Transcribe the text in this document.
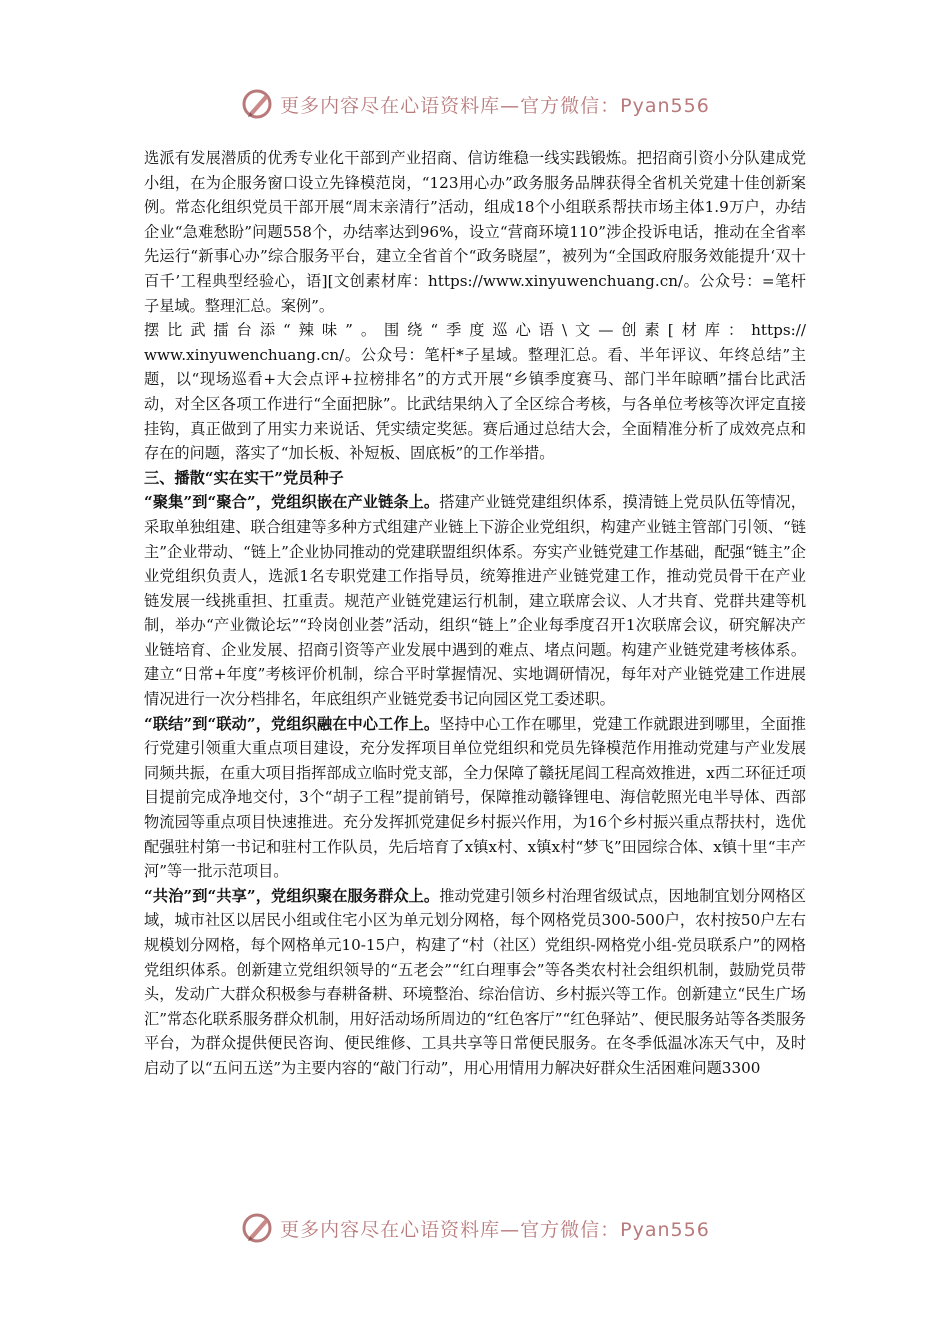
更多内容尽在心语资料库—官方微信：Pyan556

选派有发展潜质的优秀专业化干部到产业招商、信访维稳一线实践锻炼。把招商引资小分队建成党小组，在为企服务窗口设立先锋模范岗，“123用心办”政务服务品牌获得全省机关党建十佳创新案例。常态化组织党员干部开展“周末亲清行”活动，组成18个小组联系帮扶市场主体1.9万户，办结企业“急难愁盼”问题558个，办结率达到96%，设立“营商环境110”涉企投诉电话，推动在全省率先运行“新事心办”综合服务平台，建立全省首个“政务晓屋”，被列为“全国政府服务效能提升‘双十百千’工程典型经验心，语][文创素材库：https://www.xinyuwenchuang.cn/。公众号：=笔杆子星域。整理汇总。案例”。

摆比武擂台添“辣味”。围绕“季度巡心语\文—创素[材库：https://

www.xinyuwenchuang.cn/。公众号：笔杆*子星域。整理汇总。看、半年评议、年终总结”主题，以“现场巡看+大会点评+拉榜排名”的方式开展“乡镇季度赛马、部门半年晾晒”擂台比武活动，对全区各项工作进行“全面把脉”。比武结果纳入了全区综合考核，与各单位考核等次评定直接挂钩，真正做到了用实力来说话、凭实绩定奖惩。赛后通过总结大会，全面精准分析了成效亮点和存在的问题，落实了“加长板、补短板、固底板”的工作举措。

三、播散“实在实干”党员种子

“聚集”到“聚合”，党组织嵌在产业链条上。搭建产业链党建组织体系，摸清链上党员队伍等情况，采取单独组建、联合组建等多种方式组建产业链上下游企业党组织，构建产业链主管部门引领、“链主”企业带动、“链上”企业协同推动的党建联盟组织体系。夯实产业链党建工作基础，配强“链主”企业党组织负责人，选派1名专职党建工作指导员，统筹推进产业链党建工作，推动党员骨干在产业链发展一线挑重担、扛重责。规范产业链党建运行机制，建立联席会议、人才共育、党群共建等机制，举办“产业微论坛”“玲岗创业荟”活动，组织“链上”企业每季度召开1次联席会议，研究解决产业链培育、企业发展、招商引资等产业发展中遇到的难点、堵点问题。构建产业链党建考核体系。建立“日常+年度”考核评价机制，综合平时掌握情况、实地调研情况，每年对产业链党建工作进展情况进行一次分档排名，年底组织产业链党委书记向园区党工委述职。

“联结”到“联动”，党组织融在中心工作上。坚持中心工作在哪里，党建工作就跟进到哪里，全面推行党建引领重大重点项目建设，充分发挥项目单位党组织和党员先锋模范作用推动党建与产业发展同频共振，在重大项目指挥部成立临时党支部，全力保障了赣抚尾闾工程高效推进，x西二环征迁项目提前完成净地交付，3个“胡子工程”提前销号，保障推动赣锋锂电、海信乾照光电半导体、西部物流园等重点项目快速推进。充分发挥抓党建促乡村振兴作用，为16个乡村振兴重点帮扶村，选优配强驻村第一书记和驻村工作队员，先后培育了x镇x村、x镇x村“梦飞”田园综合体、x镇十里“丰产河”等一批示范项目。

“共治”到“共享”，党组织聚在服务群众上。推动党建引领乡村治理省级试点，因地制宜划分网格区域，城市社区以居民小组或住宅小区为单元划分网格，每个网格党员300-500户，农村按50户左右规模划分网格，每个网格单元10-15户，构建了“村（社区）党组织-网格党小组-党员联系户”的网格党组织体系。创新建立党组织领导的“五老会”“红白理事会”等各类农村社会组织机制，鼓励党员带头，发动广大群众积极参与春耕备耕、环境整治、综治信访、乡村振兴等工作。创新建立“民生广场汇”常态化联系服务群众机制，用好活动场所周边的“红色客厅”“红色驿站”、便民服务站等各类服务平台，为群众提供便民咨询、便民维修、工具共享等日常便民服务。在冬季低温冰冻天气中，及时启动了以“五问五送”为主要内容的“敲门行动”，用心用情用力解决好群众生活困难问题3300

更多内容尽在心语资料库—官方微信：Pyan556
